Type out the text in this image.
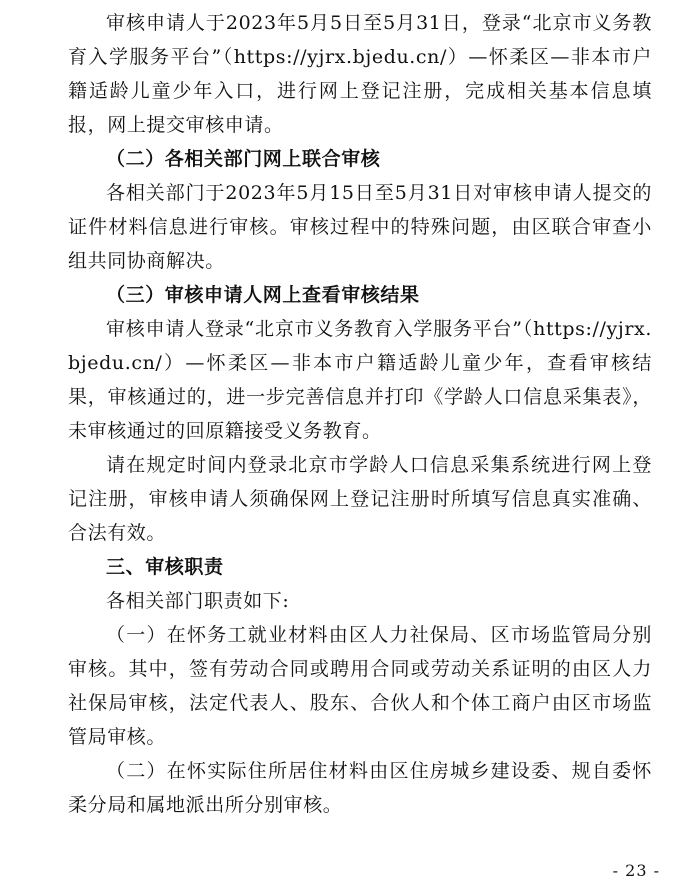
审核申请人于2023年5月5日至5月31日，登录“北京市义务教育入学服务平台”（https://yjrx.bjedu.cn/）—怀柔区—非本市户籍适龄儿童少年入口，进行网上登记注册，完成相关基本信息填报，网上提交审核申请。

（二）各相关部门网上联合审核

各相关部门于2023年5月15日至5月31日对审核申请人提交的证件材料信息进行审核。审核过程中的特殊问题，由区联合审查小组共同协商解决。

（三）审核申请人网上查看审核结果

审核申请人登录“北京市义务教育入学服务平台”（https://yjrx.bjedu.cn/）—怀柔区—非本市户籍适龄儿童少年，查看审核结果，审核通过的，进一步完善信息并打印《学龄人口信息采集表》，未审核通过的回原籍接受义务教育。

请在规定时间内登录北京市学龄人口信息采集系统进行网上登记注册，审核申请人须确保网上登记注册时所填写信息真实准确、合法有效。

三、审核职责

各相关部门职责如下:

（一）在怀务工就业材料由区人力社保局、区市场监管局分别审核。其中，签有劳动合同或聘用合同或劳动关系证明的由区人力社保局审核，法定代表人、股东、合伙人和个体工商户由区市场监管局审核。

（二）在怀实际住所居住材料由区住房城乡建设委、规自委怀柔分局和属地派出所分别审核。

- 23 -
